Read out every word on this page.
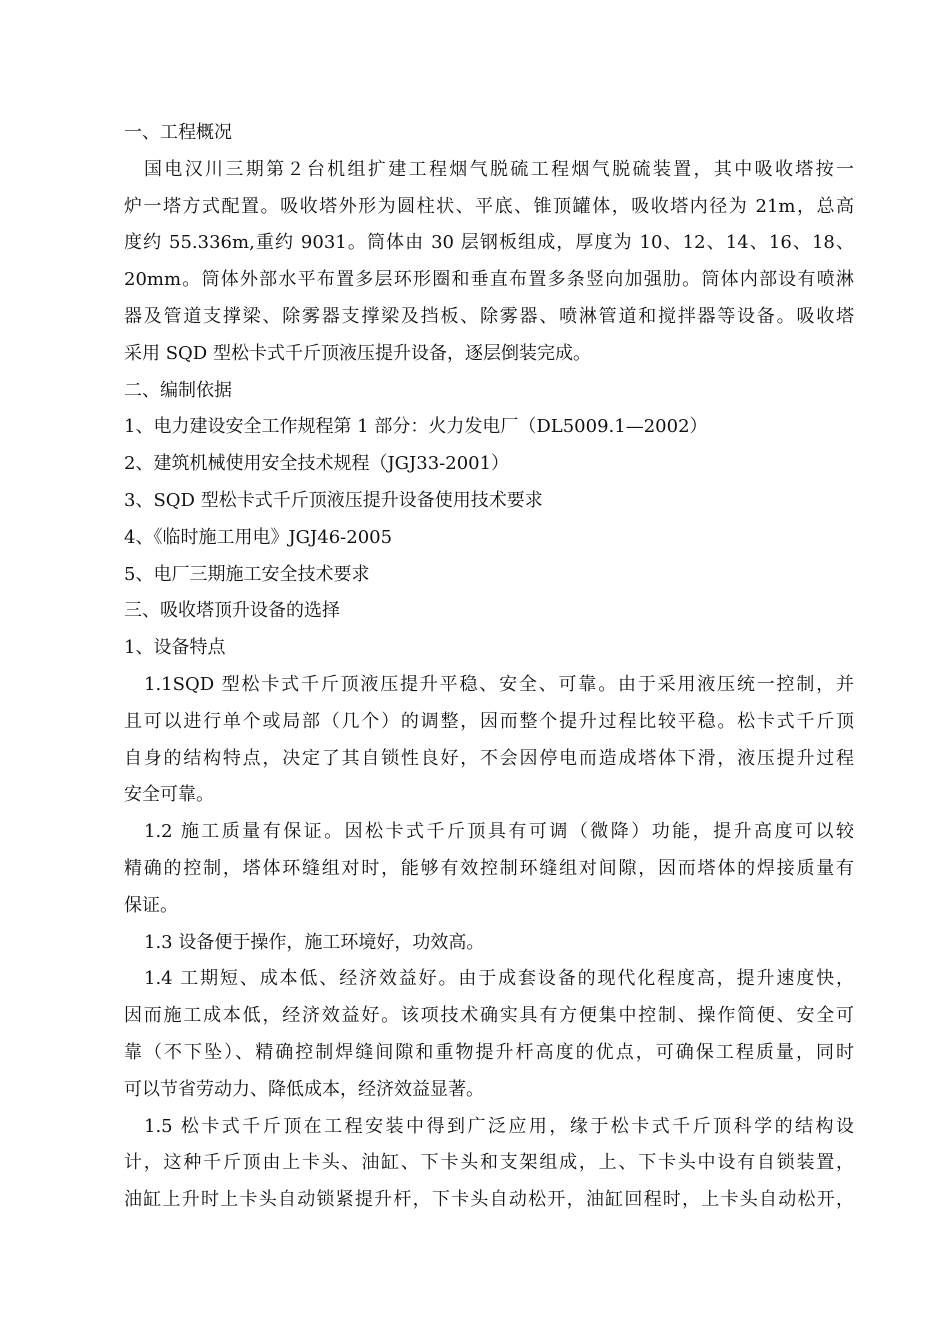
一、工程概况
国电汉川三期第２台机组扩建工程烟气脱硫工程烟气脱硫装置，其中吸收塔按一
炉一塔方式配置。吸收塔外形为圆柱状、平底、锥顶罐体，吸收塔内径为 21m，总高
度约 55.336m,重约 9031。筒体由 30 层钢板组成，厚度为 10、12、14、16、18、
20mm。筒体外部水平布置多层环形圈和垂直布置多条竖向加强肋。筒体内部设有喷淋
器及管道支撑梁、除雾器支撑梁及挡板、除雾器、喷淋管道和搅拌器等设备。吸收塔
采用 SQD 型松卡式千斤顶液压提升设备，逐层倒装完成。
二、编制依据
1、电力建设安全工作规程第 1 部分：火力发电厂（DL5009.1—2002）
2、建筑机械使用安全技术规程（JGJ33-2001）
3、SQD 型松卡式千斤顶液压提升设备使用技术要求
4、《临时施工用电》JGJ46-2005
5、电厂三期施工安全技术要求
三、吸收塔顶升设备的选择
1、设备特点
1.1SQD 型松卡式千斤顶液压提升平稳、安全、可靠。由于采用液压统一控制，并
且可以进行单个或局部（几个）的调整，因而整个提升过程比较平稳。松卡式千斤顶
自身的结构特点，决定了其自锁性良好，不会因停电而造成塔体下滑，液压提升过程
安全可靠。
1.2 施工质量有保证。因松卡式千斤顶具有可调（微降）功能，提升高度可以较
精确的控制，塔体环缝组对时，能够有效控制环缝组对间隙，因而塔体的焊接质量有
保证。
1.3 设备便于操作，施工环境好，功效高。
1.4 工期短、成本低、经济效益好。由于成套设备的现代化程度高，提升速度快，
因而施工成本低，经济效益好。该项技术确实具有方便集中控制、操作简便、安全可
靠（不下坠）、精确控制焊缝间隙和重物提升杆高度的优点，可确保工程质量，同时
可以节省劳动力、降低成本，经济效益显著。
1.5 松卡式千斤顶在工程安装中得到广泛应用，缘于松卡式千斤顶科学的结构设
计，这种千斤顶由上卡头、油缸、下卡头和支架组成，上、下卡头中设有自锁装置，
油缸上升时上卡头自动锁紧提升杆，下卡头自动松开，油缸回程时，上卡头自动松开，
